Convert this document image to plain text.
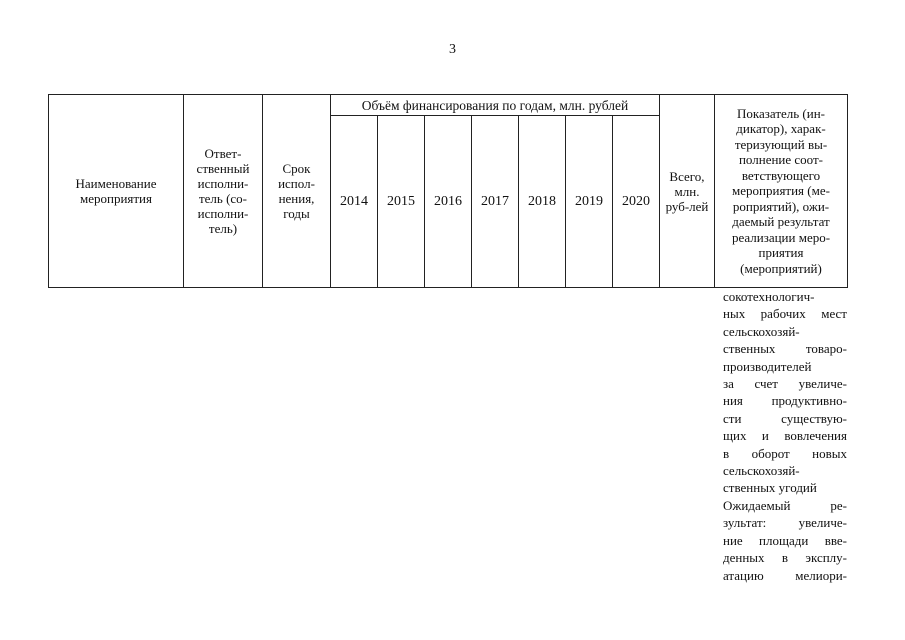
3
Наименование мероприятия	Ответ-ственный исполни-тель (со-исполни-тель)	Срок испол-нения, годы	Объём финансирования по годам, млн. рублей							Всего, млн. руб-лей	Показатель (ин-дикатор), харак-теризующий вы-полнение соот-ветствующего мероприятия (ме-роприятий), ожи-даемый результат реализации меро-приятия (мероприятий)
			2014	2015	2016	2017	2018	2019	2020		
сокотехнологич-
ных рабочих мест
сельскохозяй-
ственных товаро-
производителей
за счет увеличе-
ния продуктивно-
сти существую-
щих и вовлечения
в оборот новых
сельскохозяй-
ственных угодий
Ожидаемый ре-
зультат: увеличе-
ние площади вве-
денных в эксплу-
атацию мелиори-
